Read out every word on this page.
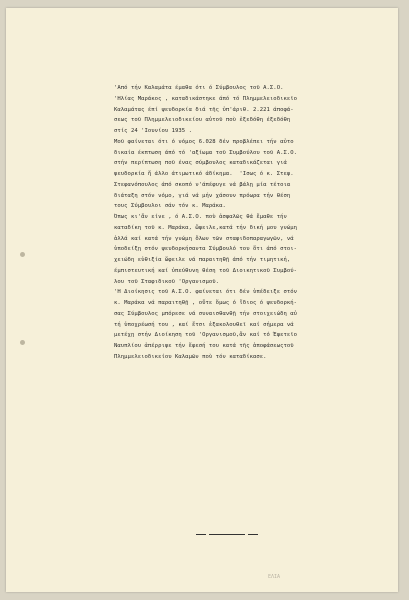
'Από τήν Καλαμάτα έμαθα ότι ό Σύμβουλος τοῦ Α.Σ.Ο.
'Ηλίας Μαράκος , καταδικάστηκε άπό τό Πλημμελειοδικεῖο
Καλαμάτας έπί ψευδορκία διά τῆς ὑπ'άριθ. 2.221 άποφά-
σεως τοῦ Πλημμελειοδικείου αὐτοῦ ποὺ ἐξεδόθη έξεδόθη
στίς 24 'Ιουνίου 1935 .
Μοῦ φαίνεται ότι ό νόμος 6.028 δέν προβλέπει τήν αὐτο
δικαία έκπτωση άπό τό 'αξίωμα τοῦ Συμβούλου τοῦ Α.Σ.Ο.
στήν περίπτωση ποῦ ένας σύμβουλος καταδικάζεται γιά
ψευδορκία ἤ άλλο άτιμωτικό άδίκημα.  'Ισως ό κ. Στεφ.
Στεφανόπουλος άπό σκοπό ν'άπέφυγε νά βάλῃ μία τέτοια
διάταξη στόν νόμο, γιά νά μήν χάσουν πρόωρα τήν θέση
τους Σύμβουλοι σάν τόν κ. Μαράκα.
Όπως κι'ἄν είνε , ό Α.Σ.Ο. ποὺ ἀσφαλῶς θά ἔμαθε τήν
καταδίκη τοῦ κ. Μαράκα, ὤφειλε,κατά τήν δική μου γνώμη
ἀλλά καί κατά τήν γνώμη ὅλων τῶν σταφιδοπαραγωγῶν, νά
ὑποδείξῃ στόν ψευδορκήσαντα Σύμβουλό του ὅτι άπό στοι-
χειώδη εὐθιξία ὤφειλε νά παραιτηθῇ άπό τήν τιμητική,
έμπιστευτική καί ὑπεύθυνη θέση τοῦ Διοικητικοῦ Συμβού-
λου τοῦ Σταφιδικοῦ 'Οργανισμοῦ.
'Η Διοίκησις τοῦ Α.Σ.Ο. φαίνεται ότι δέν ὑπέδειξε στόν
κ. Μαράκα νά παραιτηθῇ , οὔτε ὅμως ό ἴδιος ό ψευδορκή-
σας Σύμβουλος μπόρεσε νά συναισθανθῇ τήν στοιχειώδη αὐ
τή ὑποχρέωσή του , καί ἔτσι ἐξακολουθεῖ καί σήμερα νά
μετέχῃ στήν Διοίκηση τοῦ 'Οργανισμοῦ,ἄν καί τό Έφετεῖο
Ναυπλίου ἀπέρριψε τήν ἔφεσή του κατά τῆς ἀποφάσεωςτοῦ
Πλημμελειοδικείου Καλαμῶν ποὺ τόν καταδίκασε.
ΕΛΙΑ
